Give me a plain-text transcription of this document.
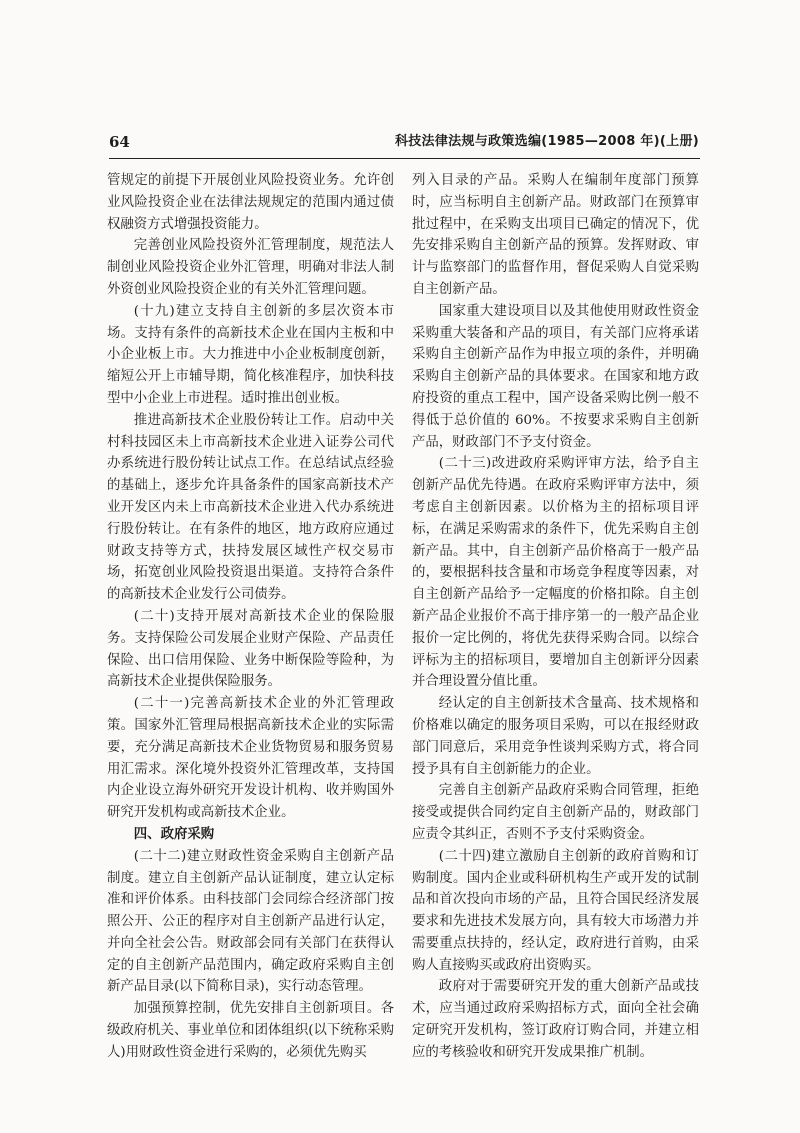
64	科技法律法规与政策选编(1985—2008 年)(上册)

管规定的前提下开展创业风险投资业务。允许创业风险投资企业在法律法规规定的范围内通过债权融资方式增强投资能力。

完善创业风险投资外汇管理制度，规范法人制创业风险投资企业外汇管理，明确对非法人制外资创业风险投资企业的有关外汇管理问题。

(十九)建立支持自主创新的多层次资本市场。支持有条件的高新技术企业在国内主板和中小企业板上市。大力推进中小企业板制度创新，缩短公开上市辅导期，简化核准程序，加快科技型中小企业上市进程。适时推出创业板。

推进高新技术企业股份转让工作。启动中关村科技园区未上市高新技术企业进入证券公司代办系统进行股份转让试点工作。在总结试点经验的基础上，逐步允许具备条件的国家高新技术产业开发区内未上市高新技术企业进入代办系统进行股份转让。在有条件的地区，地方政府应通过财政支持等方式，扶持发展区域性产权交易市场，拓宽创业风险投资退出渠道。支持符合条件的高新技术企业发行公司债券。

(二十)支持开展对高新技术企业的保险服务。支持保险公司发展企业财产保险、产品责任保险、出口信用保险、业务中断保险等险种，为高新技术企业提供保险服务。

(二十一)完善高新技术企业的外汇管理政策。国家外汇管理局根据高新技术企业的实际需要，充分满足高新技术企业货物贸易和服务贸易用汇需求。深化境外投资外汇管理改革，支持国内企业设立海外研究开发设计机构、收并购国外研究开发机构或高新技术企业。

四、政府采购

(二十二)建立财政性资金采购自主创新产品制度。建立自主创新产品认证制度，建立认定标准和评价体系。由科技部门会同综合经济部门按照公开、公正的程序对自主创新产品进行认定，并向全社会公告。财政部会同有关部门在获得认定的自主创新产品范围内，确定政府采购自主创新产品目录(以下简称目录)，实行动态管理。

加强预算控制，优先安排自主创新项目。各级政府机关、事业单位和团体组织(以下统称采购人)用财政性资金进行采购的，必须优先购买

列入目录的产品。采购人在编制年度部门预算时，应当标明自主创新产品。财政部门在预算审批过程中，在采购支出项目已确定的情况下，优先安排采购自主创新产品的预算。发挥财政、审计与监察部门的监督作用，督促采购人自觉采购自主创新产品。

国家重大建设项目以及其他使用财政性资金采购重大装备和产品的项目，有关部门应将承诺采购自主创新产品作为申报立项的条件，并明确采购自主创新产品的具体要求。在国家和地方政府投资的重点工程中，国产设备采购比例一般不得低于总价值的 60%。不按要求采购自主创新产品，财政部门不予支付资金。

(二十三)改进政府采购评审方法，给予自主创新产品优先待遇。在政府采购评审方法中，须考虑自主创新因素。以价格为主的招标项目评标，在满足采购需求的条件下，优先采购自主创新产品。其中，自主创新产品价格高于一般产品的，要根据科技含量和市场竞争程度等因素，对自主创新产品给予一定幅度的价格扣除。自主创新产品企业报价不高于排序第一的一般产品企业报价一定比例的，将优先获得采购合同。以综合评标为主的招标项目，要增加自主创新评分因素并合理设置分值比重。

经认定的自主创新技术含量高、技术规格和价格难以确定的服务项目采购，可以在报经财政部门同意后，采用竞争性谈判采购方式，将合同授予具有自主创新能力的企业。

完善自主创新产品政府采购合同管理，拒绝接受或提供合同约定自主创新产品的，财政部门应责令其纠正，否则不予支付采购资金。

(二十四)建立激励自主创新的政府首购和订购制度。国内企业或科研机构生产或开发的试制品和首次投向市场的产品，且符合国民经济发展要求和先进技术发展方向，具有较大市场潜力并需要重点扶持的，经认定，政府进行首购，由采购人直接购买或政府出资购买。

政府对于需要研究开发的重大创新产品或技术，应当通过政府采购招标方式，面向全社会确定研究开发机构，签订政府订购合同，并建立相应的考核验收和研究开发成果推广机制。
